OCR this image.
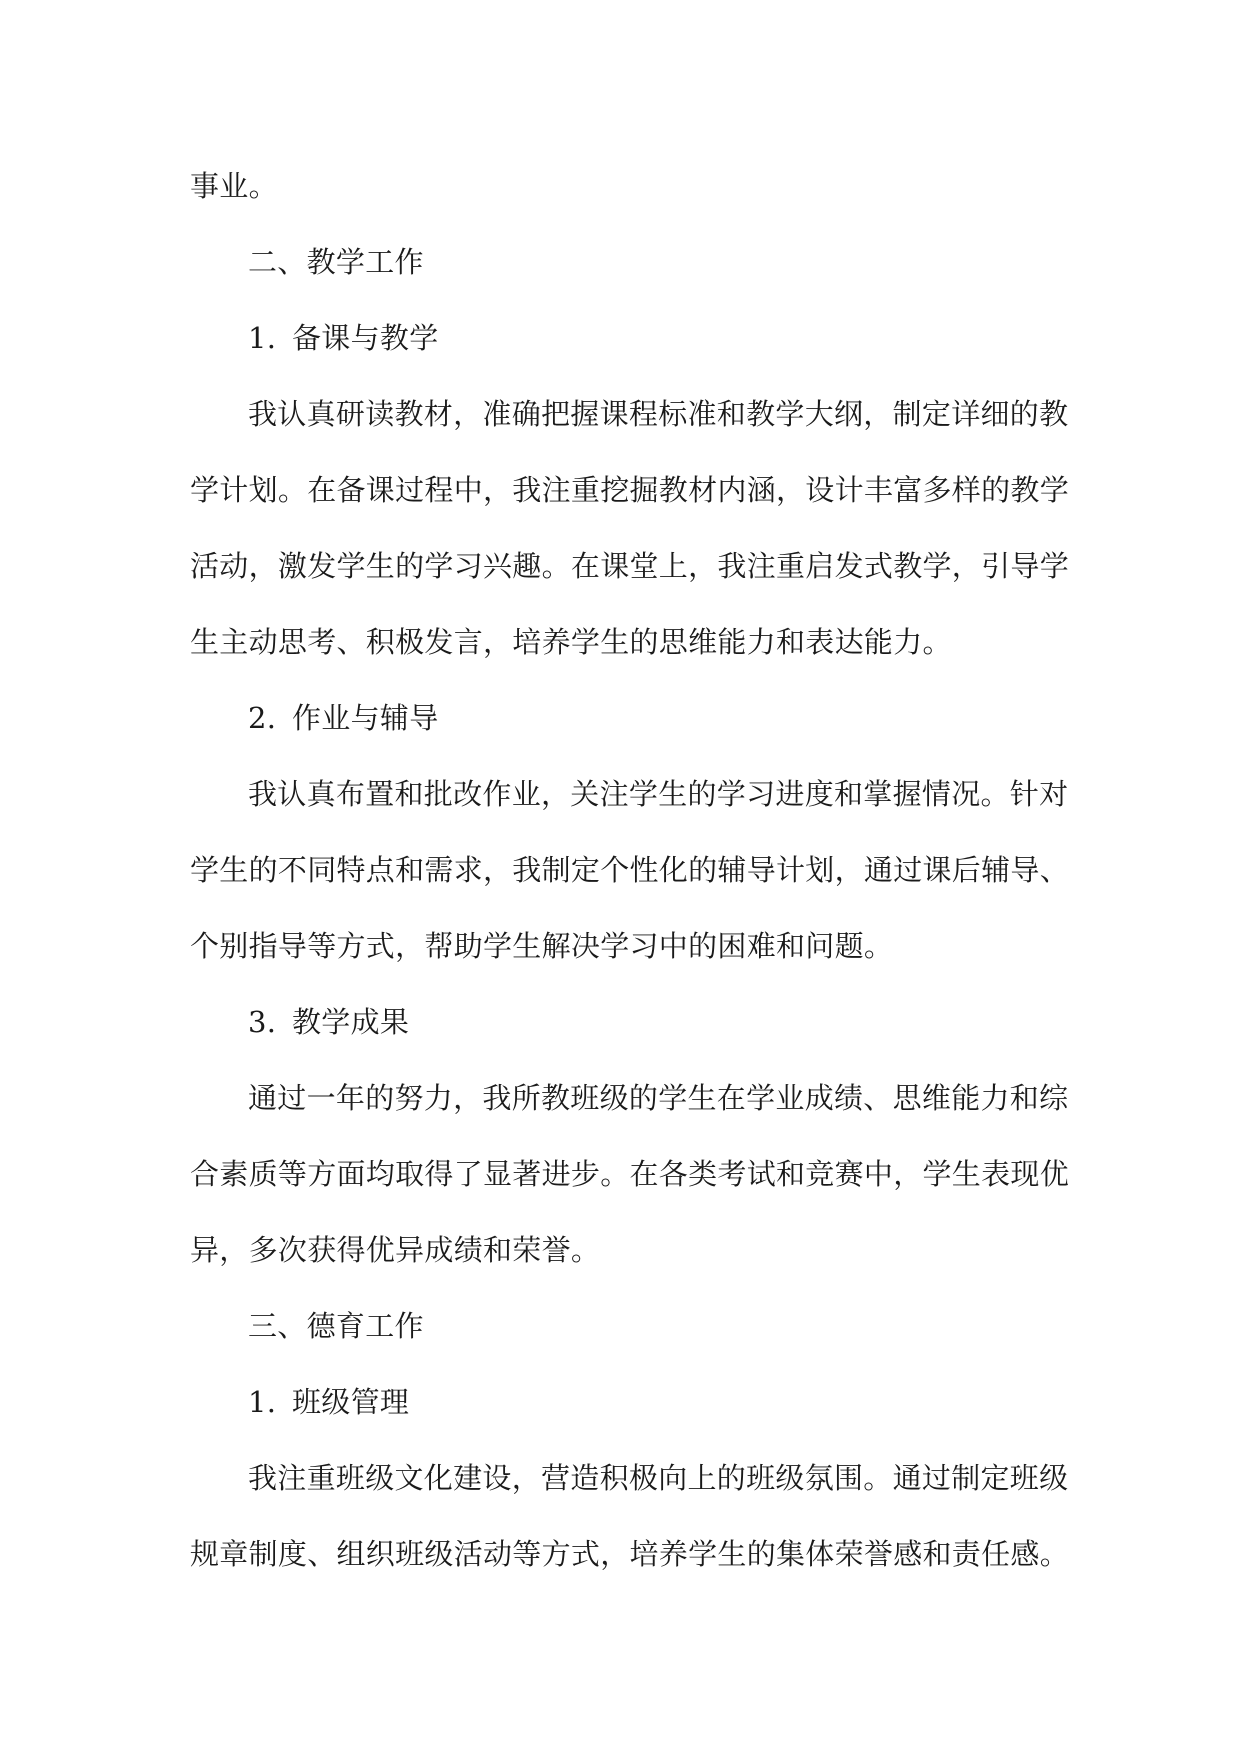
事业。
二、教学工作
1. 备课与教学
我认真研读教材，准确把握课程标准和教学大纲，制定详细的教
学计划。在备课过程中，我注重挖掘教材内涵，设计丰富多样的教学
活动，激发学生的学习兴趣。在课堂上，我注重启发式教学，引导学
生主动思考、积极发言，培养学生的思维能力和表达能力。
2. 作业与辅导
我认真布置和批改作业，关注学生的学习进度和掌握情况。针对
学生的不同特点和需求，我制定个性化的辅导计划，通过课后辅导、
个别指导等方式，帮助学生解决学习中的困难和问题。
3. 教学成果
通过一年的努力，我所教班级的学生在学业成绩、思维能力和综
合素质等方面均取得了显著进步。在各类考试和竞赛中，学生表现优
异，多次获得优异成绩和荣誉。
三、德育工作
1. 班级管理
我注重班级文化建设，营造积极向上的班级氛围。通过制定班级
规章制度、组织班级活动等方式，培养学生的集体荣誉感和责任感。
